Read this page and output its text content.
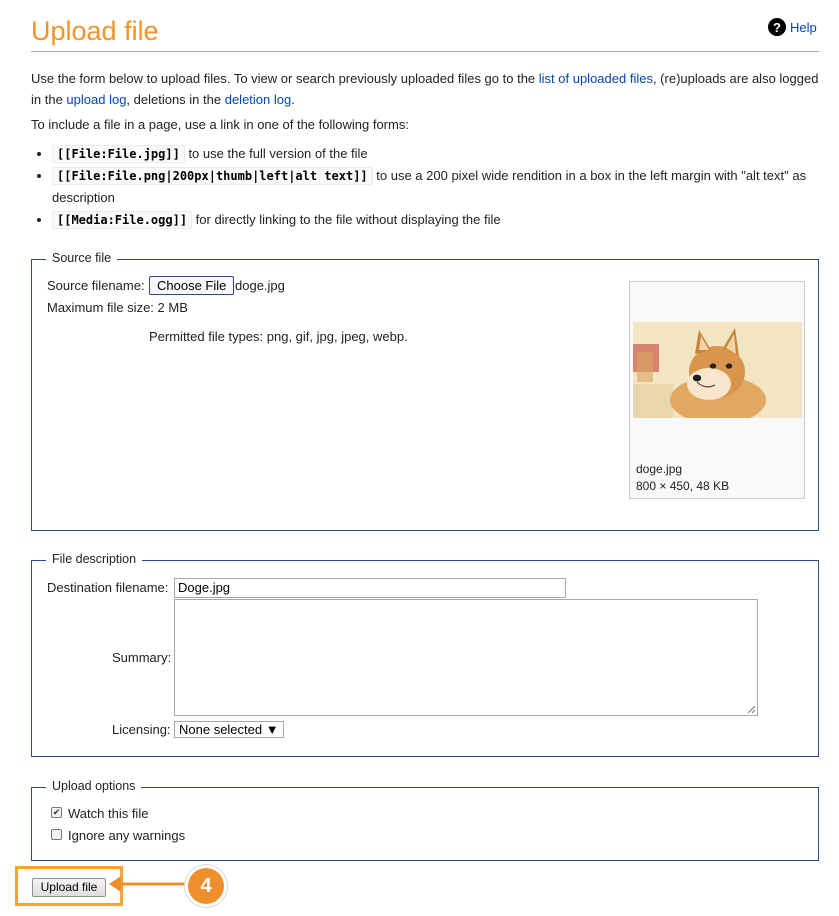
Upload file	? Help

Use the form below to upload files. To view or search previously uploaded files go to the list of uploaded files, (re)uploads are also logged in the upload log, deletions in the deletion log.

To include a file in a page, use a link in one of the following forms:

• [[File:File.jpg]] to use the full version of the file
• [[File:File.png|200px|thumb|left|alt text]] to use a 200 pixel wide rendition in a box in the left margin with "alt text" as description
• [[Media:File.ogg]] for directly linking to the file without displaying the file
Source file
Source filename: Choose File doge.jpg
Maximum file size: 2 MB
Permitted file types: png, gif, jpg, jpeg, webp.
doge.jpg
800 × 450, 48 KB
File description
Destination filename: Doge.jpg
Summary:
Licensing: None selected ▼
Upload options
✔ Watch this file
Ignore any warnings
Upload file	4
